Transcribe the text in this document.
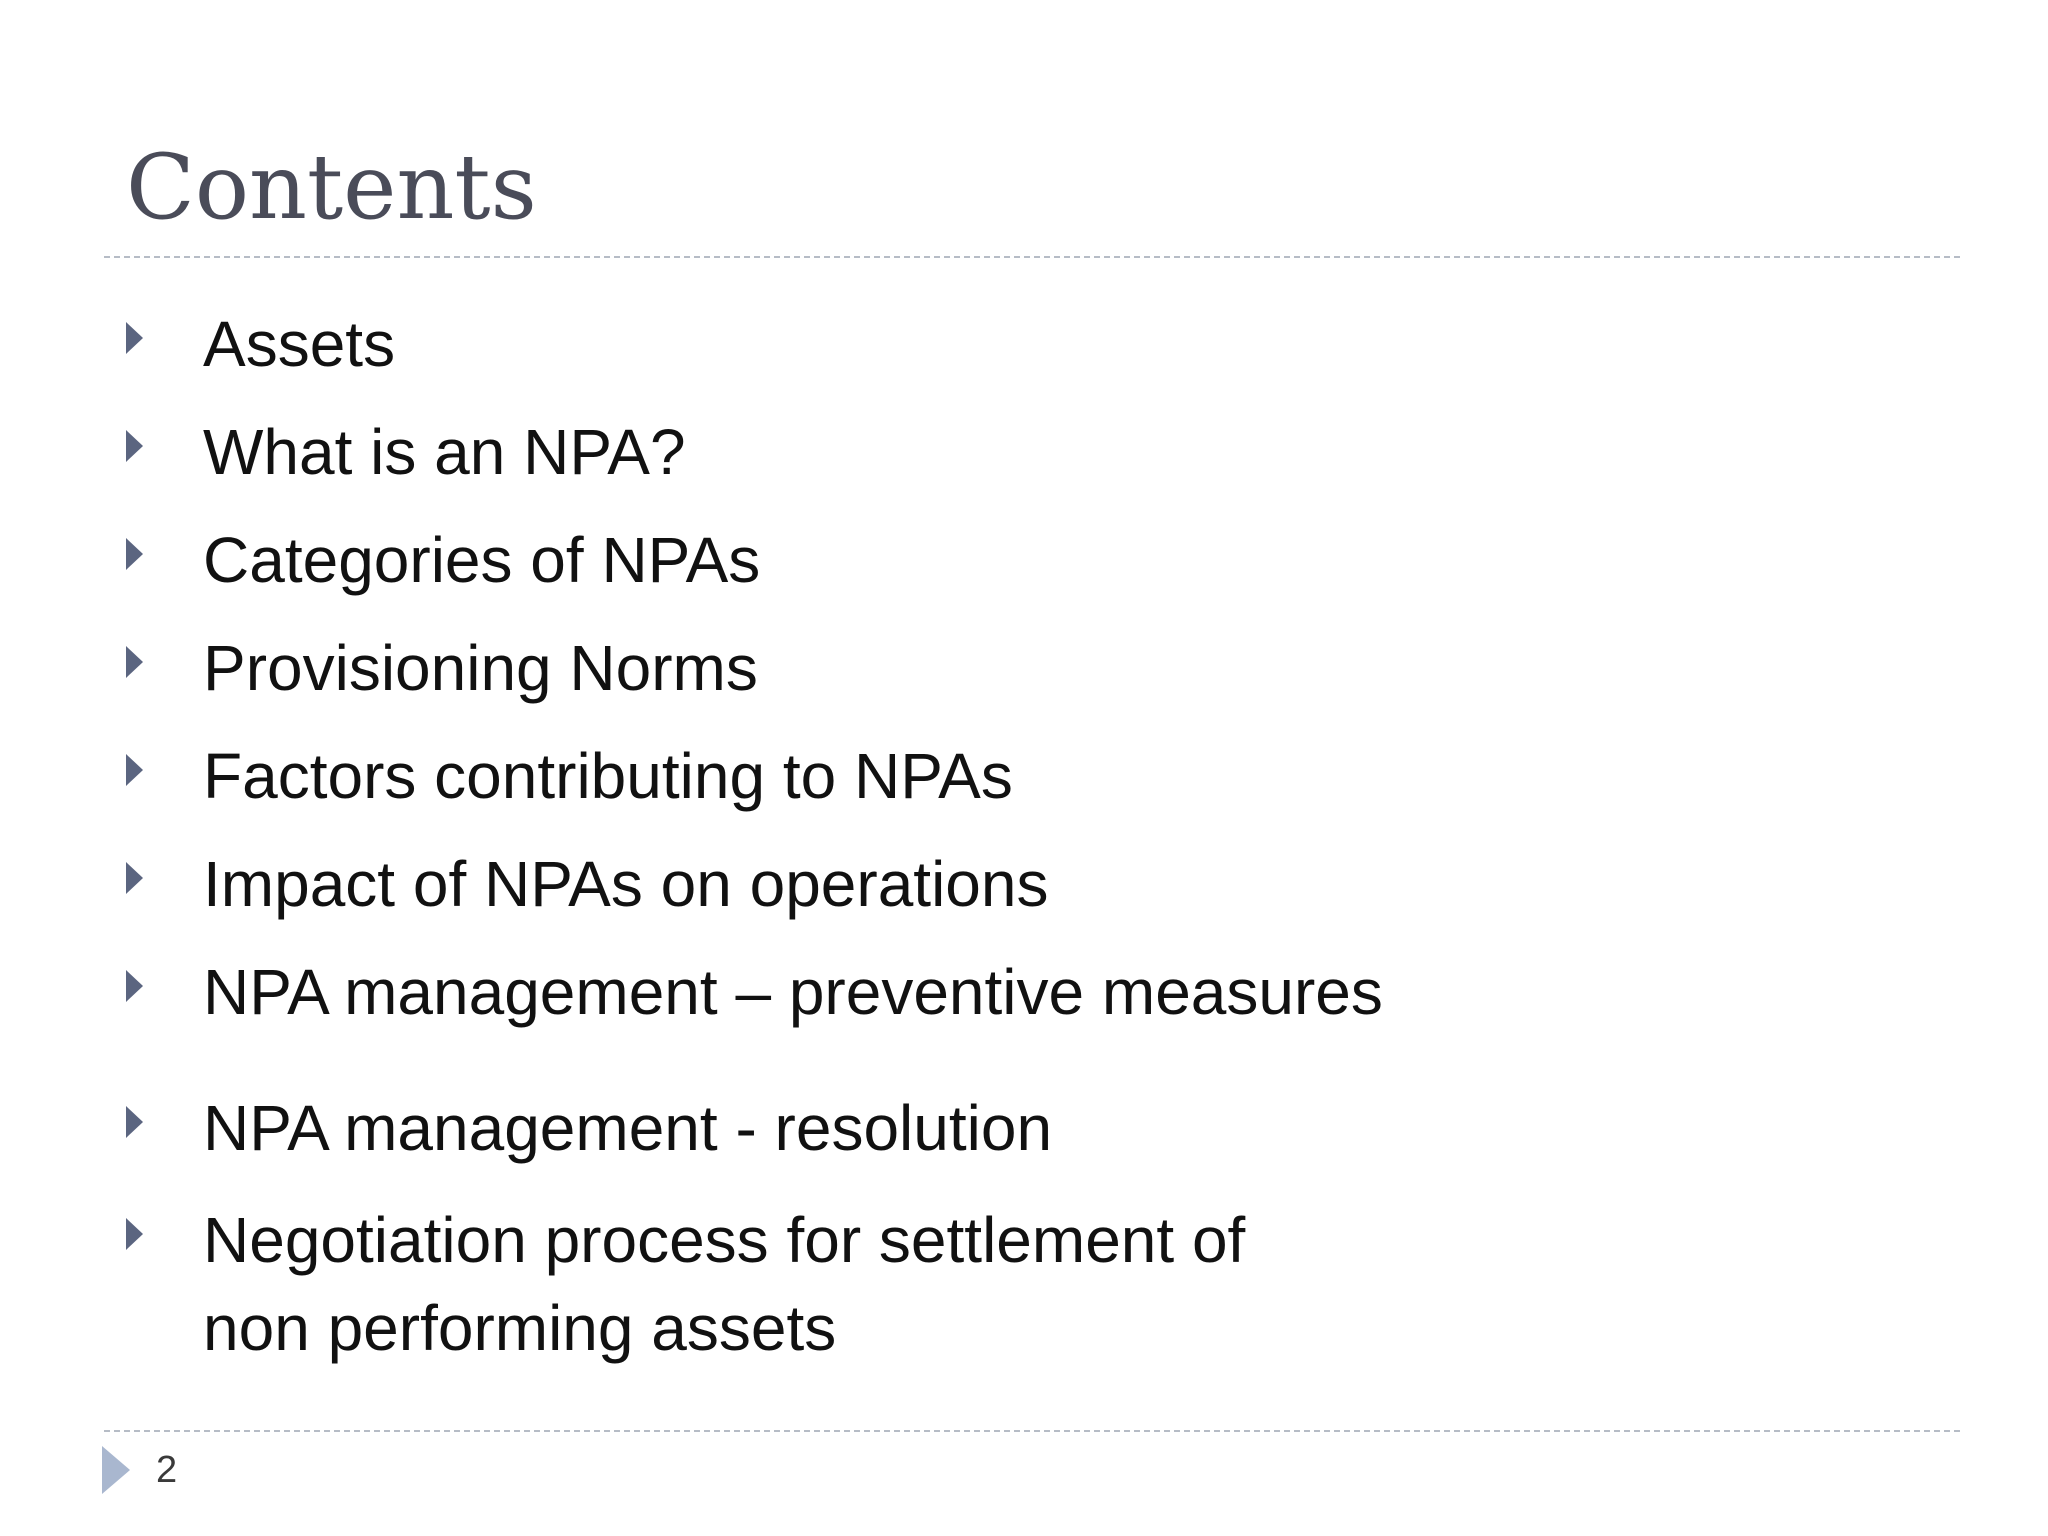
Contents
Assets
What is an NPA?
Categories of NPAs
Provisioning Norms
Factors contributing to NPAs
Impact of NPAs on operations
NPA management – preventive measures
NPA management - resolution
Negotiation process for settlement of
non performing assets
2
